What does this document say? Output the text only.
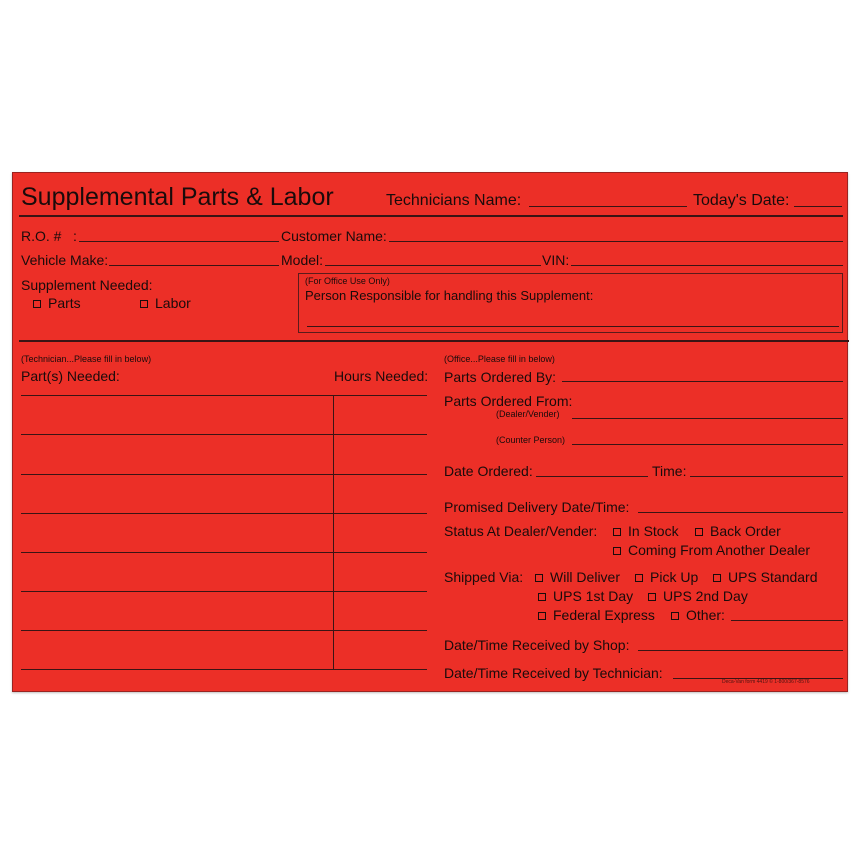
Supplemental Parts & Labor	Technicians Name:	Today's Date:
R.O. # :	Customer Name:
Vehicle Make:	Model:	VIN:
Supplement Needed:
Parts	Labor
(For Office Use Only)
Person Responsible for handling this Supplement:
(Technician...Please fill in below)
Part(s) Needed:	Hours Needed:
(Office...Please fill in below)
Parts Ordered By:
Parts Ordered From:
(Dealer/Vender)
(Counter Person)
Date Ordered:	Time:
Promised Delivery Date/Time:
Status At Dealer/Vender:	In Stock	Back Order
Coming From Another Dealer
Shipped Via:	Will Deliver	Pick Up	UPS Standard
UPS 1st Day	UPS 2nd Day
Federal Express	Other:
Date/Time Received by Shop:
Date/Time Received by Technician:
Deca-Van form 4419 © 1-800/367-8576
